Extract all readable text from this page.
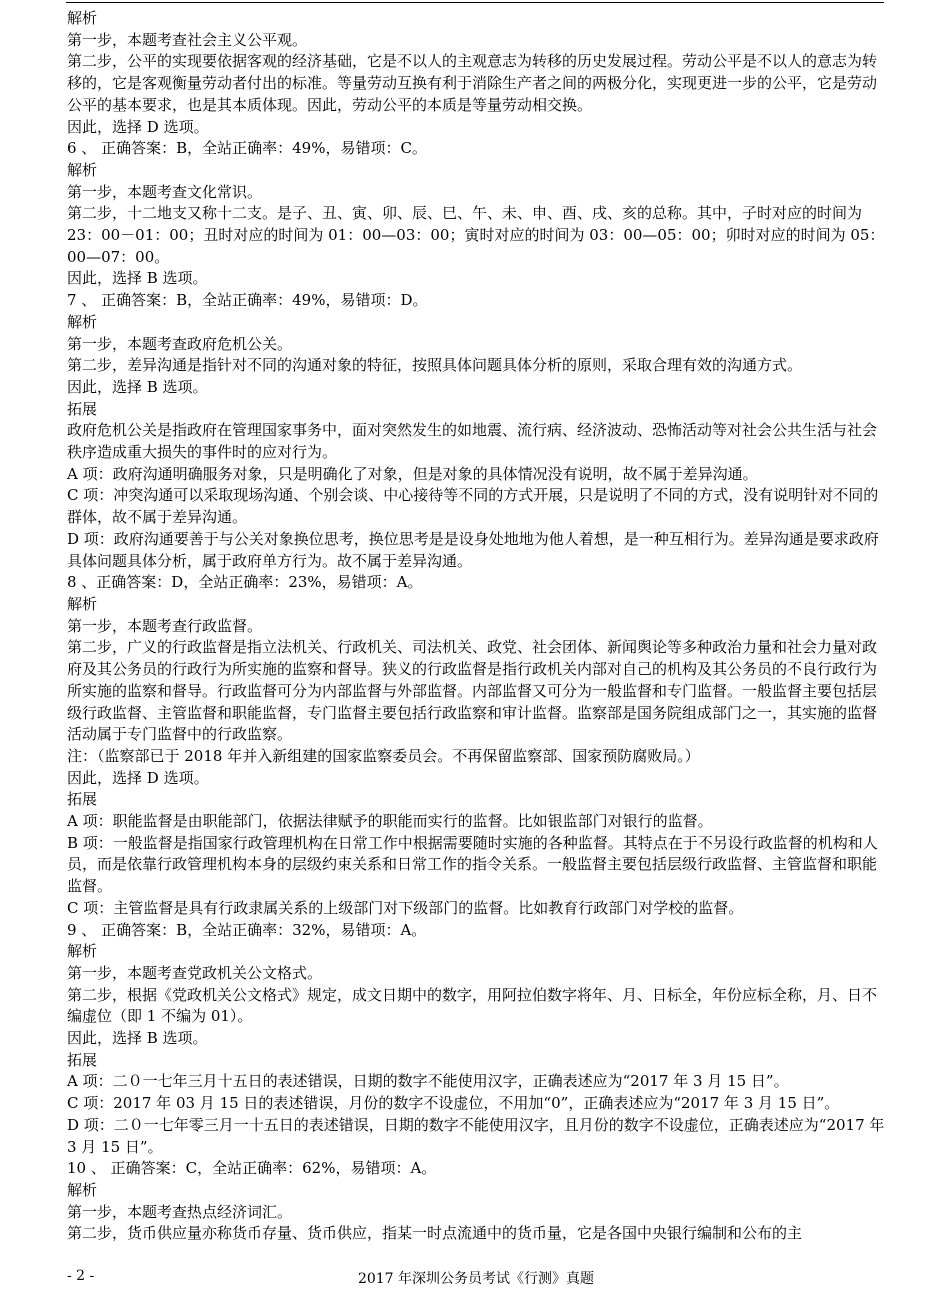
解析
第一步，本题考查社会主义公平观。
第二步，公平的实现要依据客观的经济基础，它是不以人的主观意志为转移的历史发展过程。劳动公平是不以人的意志为转移的，它是客观衡量劳动者付出的标准。等量劳动互换有利于消除生产者之间的两极分化，实现更进一步的公平，它是劳动公平的基本要求，也是其本质体现。因此，劳动公平的本质是等量劳动相交换。
因此，选择 D 选项。
6 、 正确答案：B，全站正确率：49%，易错项：C。
解析
第一步，本题考查文化常识。
第二步，十二地支又称十二支。是子、丑、寅、卯、辰、巳、午、未、申、酉、戌、亥的总称。其中，子时对应的时间为 23：00－01：00；丑时对应的时间为 01：00—03：00；寅时对应的时间为 03：00—05：00；卯时对应的时间为 05：00—07：00。
因此，选择 B 选项。
7 、 正确答案：B，全站正确率：49%，易错项：D。
解析
第一步，本题考查政府危机公关。
第二步，差异沟通是指针对不同的沟通对象的特征，按照具体问题具体分析的原则，采取合理有效的沟通方式。
因此，选择 B 选项。
拓展
政府危机公关是指政府在管理国家事务中，面对突然发生的如地震、流行病、经济波动、恐怖活动等对社会公共生活与社会秩序造成重大损失的事件时的应对行为。
A 项：政府沟通明确服务对象，只是明确化了对象，但是对象的具体情况没有说明，故不属于差异沟通。
C 项：冲突沟通可以采取现场沟通、个别会谈、中心接待等不同的方式开展，只是说明了不同的方式，没有说明针对不同的群体，故不属于差异沟通。
D 项：政府沟通要善于与公关对象换位思考，换位思考是是设身处地地为他人着想，是一种互相行为。差异沟通是要求政府具体问题具体分析，属于政府单方行为。故不属于差异沟通。
8 、正确答案：D，全站正确率：23%，易错项：A。
解析
第一步，本题考查行政监督。
第二步，广义的行政监督是指立法机关、行政机关、司法机关、政党、社会团体、新闻舆论等多种政治力量和社会力量对政府及其公务员的行政行为所实施的监察和督导。狭义的行政监督是指行政机关内部对自己的机构及其公务员的不良行政行为所实施的监察和督导。行政监督可分为内部监督与外部监督。内部监督又可分为一般监督和专门监督。一般监督主要包括层级行政监督、主管监督和职能监督，专门监督主要包括行政监察和审计监督。监察部是国务院组成部门之一，其实施的监督活动属于专门监督中的行政监察。
注：（监察部已于 2018 年并入新组建的国家监察委员会。不再保留监察部、国家预防腐败局。）
因此，选择 D 选项。
拓展
A 项：职能监督是由职能部门，依据法律赋予的职能而实行的监督。比如银监部门对银行的监督。
B 项：一般监督是指国家行政管理机构在日常工作中根据需要随时实施的各种监督。其特点在于不另设行政监督的机构和人员，而是依靠行政管理机构本身的层级约束关系和日常工作的指令关系。一般监督主要包括层级行政监督、主管监督和职能监督。
C 项：主管监督是具有行政隶属关系的上级部门对下级部门的监督。比如教育行政部门对学校的监督。
9 、 正确答案：B，全站正确率：32%，易错项：A。
解析
第一步，本题考查党政机关公文格式。
第二步，根据《党政机关公文格式》规定，成文日期中的数字，用阿拉伯数字将年、月、日标全，年份应标全称，月、日不编虚位（即 1 不编为 01）。
因此，选择 B 选项。
拓展
A 项：二０一七年三月十五日的表述错误，日期的数字不能使用汉字，正确表述应为“2017 年 3 月 15 日”。
C 项：2017 年 03 月 15 日的表述错误，月份的数字不设虚位，不用加“0”，正确表述应为“2017 年 3 月 15 日”。
D 项：二０一七年零三月一十五日的表述错误，日期的数字不能使用汉字，且月份的数字不设虚位，正确表述应为“2017 年 3 月 15 日”。
10 、 正确答案：C，全站正确率：62%，易错项：A。
解析
第一步，本题考查热点经济词汇。
第二步，货币供应量亦称货币存量、货币供应，指某一时点流通中的货币量，它是各国中央银行编制和公布的主
- 2 -	2017 年深圳公务员考试《行测》真题
